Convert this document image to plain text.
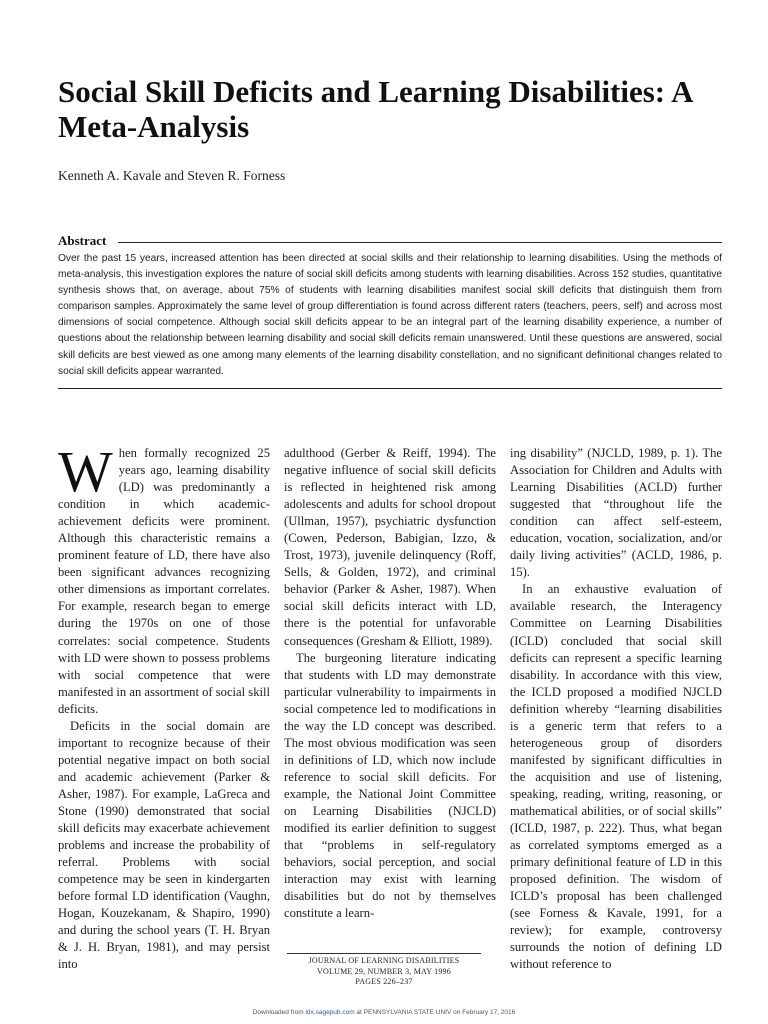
Social Skill Deficits and Learning Disabilities: A Meta-Analysis
Kenneth A. Kavale and Steven R. Forness
Abstract

Over the past 15 years, increased attention has been directed at social skills and their relationship to learning disabilities. Using the methods of meta-analysis, this investigation explores the nature of social skill deficits among students with learning disabilities. Across 152 studies, quantitative synthesis shows that, on average, about 75% of students with learning disabilities manifest social skill deficits that distinguish them from comparison samples. Approximately the same level of group differentiation is found across different raters (teachers, peers, self) and across most dimensions of social competence. Although social skill deficits appear to be an integral part of the learning disability experience, a number of questions about the relationship between learning disability and social skill deficits remain unanswered. Until these questions are answered, social skill deficits are best viewed as one among many elements of the learning disability constellation, and no significant definitional changes related to social skill deficits appear warranted.

W hen formally recognized 25 years ago, learning disability (LD) was predominantly a condition in which academic-achievement deficits were prominent. Although this characteristic remains a prominent feature of LD, there have also been significant advances recognizing other dimensions as important correlates. For example, research began to emerge during the 1970s on one of those correlates: social competence. Students with LD were shown to possess problems with social competence that were manifested in an assortment of social skill deficits.

Deficits in the social domain are important to recognize because of their potential negative impact on both social and academic achievement (Parker & Asher, 1987). For example, LaGreca and Stone (1990) demonstrated that social skill deficits may exacerbate achievement problems and increase the probability of referral. Problems with social competence may be seen in kindergarten before formal LD identification (Vaughn, Hogan, Kouzekanam, & Shapiro, 1990) and during the school years (T. H. Bryan & J. H. Bryan, 1981), and may persist into

adulthood (Gerber & Reiff, 1994). The negative influence of social skill deficits is reflected in heightened risk among adolescents and adults for school dropout (Ullman, 1957), psychiatric dysfunction (Cowen, Pederson, Babigian, Izzo, & Trost, 1973), juvenile delinquency (Roff, Sells, & Golden, 1972), and criminal behavior (Parker & Asher, 1987). When social skill deficits interact with LD, there is the potential for unfavorable consequences (Gresham & Elliott, 1989).

The burgeoning literature indicating that students with LD may demonstrate particular vulnerability to impairments in social competence led to modifications in the way the LD concept was described. The most obvious modification was seen in definitions of LD, which now include reference to social skill deficits. For example, the National Joint Committee on Learning Disabilities (NJCLD) modified its earlier definition to suggest that “problems in self-regulatory behaviors, social perception, and social interaction may exist with learning disabilities but do not by themselves constitute a learn-

ing disability” (NJCLD, 1989, p. 1). The Association for Children and Adults with Learning Disabilities (ACLD) further suggested that “throughout life the condition can affect self-esteem, education, vocation, socialization, and/or daily living activities” (ACLD, 1986, p. 15).

In an exhaustive evaluation of available research, the Interagency Committee on Learning Disabilities (ICLD) concluded that social skill deficits can represent a specific learning disability. In accordance with this view, the ICLD proposed a modified NJCLD definition whereby “learning disabilities is a generic term that refers to a heterogeneous group of disorders manifested by significant difficulties in the acquisition and use of listening, speaking, reading, writing, reasoning, or mathematical abilities, or of social skills” (ICLD, 1987, p. 222). Thus, what began as correlated symptoms emerged as a primary definitional feature of LD in this proposed definition. The wisdom of ICLD’s proposal has been challenged (see Forness & Kavale, 1991, for a review); for example, controversy surrounds the notion of defining LD without reference to

JOURNAL OF LEARNING DISABILITIES
VOLUME 29, NUMBER 3, MAY 1996
PAGES 226–237
Downloaded from ldx.sagepub.com at PENNSYLVANIA STATE UNIV on February 17, 2016
